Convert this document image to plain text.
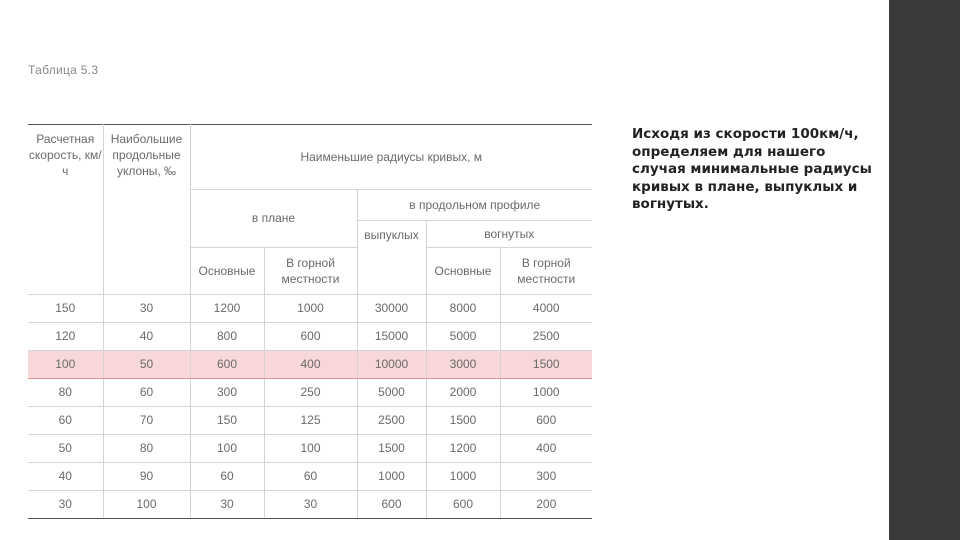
Таблица 5.3
Расчетная скорость, км/ч	Наибольшие продольные уклоны, ‰	Наименьшие радиусы кривых, м				
		в плане		в продольном профиле		
				выпуклых	вогнутых	
		Основные	В горной местности		Основные	В горной местности
150	30	1200	1000	30000	8000	4000
120	40	800	600	15000	5000	2500
100	50	600	400	10000	3000	1500
80	60	300	250	5000	2000	1000
60	70	150	125	2500	1500	600
50	80	100	100	1500	1200	400
40	90	60	60	1000	1000	300
30	100	30	30	600	600	200
Исходя из скорости 100км/ч, определяем для нашего случая минимальные радиусы кривых в плане, выпуклых и вогнутых.
